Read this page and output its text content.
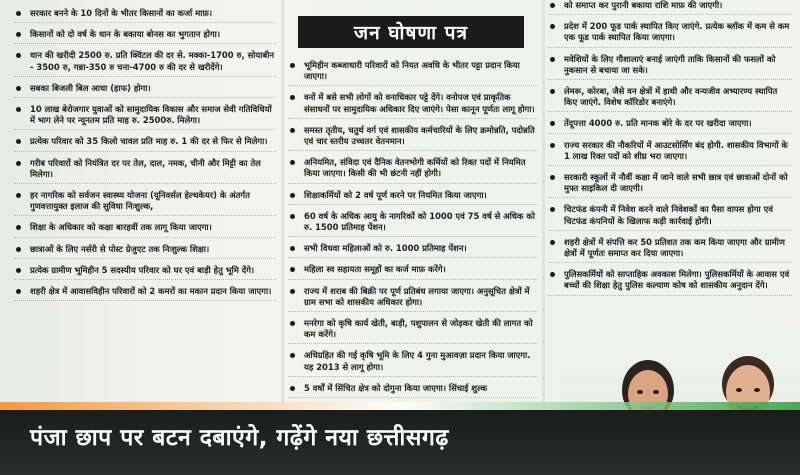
सरकार बनने के 10 दिनों के भीतर किसानों का कर्जा माफ़।
किसानों को दो वर्ष के धान के बकाया बोनस का भुगतान होगा।
धान की खरीदी 2500 रु. प्रति क्विंटल की दर से. मक्का-1700 रु, सोयाबीन - 3500 रु, गन्ना-350 रु चना-4700 रु की दर से खरीदेंगे।
सबका बिजली बिल आधा (हाफ) होगा।
10 लाख बेरोजगार युवाओं को सामुदायिक विकास और समाज सेवी गतिविधियों में भाग लेने पर न्यूनतम प्रति माह रु. 2500रु. मिलेगा।
प्रत्येक परिवार को 35 किलो चावल प्रति माह रु. 1 की दर से फिर से मिलेगा।
गरीब परिवारों को नियंत्रित दर पर तेल, दाल, नमक, चीनी और मिट्टी का तेल मिलेगा।
हर नागरिक को सर्वजन स्वास्थ्य योजना (यूनिवर्सल हेल्थकेयर) के अंतर्गत गुणवत्तायुक्त इलाज की सुविधा निःशुल्क,
शिक्षा के अधिकार को कक्षा बारहवीं तक लागू किया जाएगा।
छात्राओं के लिए नर्सरी से पोस्ट ग्रेजुएट तक निःशुल्क शिक्षा।
प्रत्येक ग्रामीण भूमिहीन 5 सदस्यीय परिवार को घर एवं बाड़ी हेतु भूमि देंगे।
शहरी क्षेत्र में आवासविहीन परिवारों को 2 कमरों का मकान प्रदान किया जाएगा।
जन घोषणा पत्र
भूमिहीन कब्जाधारी परिवारों को नियत अवधि के भीतर पट्टा प्रदान किया जाएगा।
वनों में बसे सभी लोगों को वनाधिकार पट्टे देंगे। वनोपज एवं प्राकृतिक संसाधनों पर सामुदायिक अधिकार दिए जाएंगे। पेसा कानून पूर्णतः लागू होगा।
समस्त तृतीय, चतुर्थ वर्ग एवं शासकीय कर्मचारियों के लिए क्रमोन्नति, पदोन्नति एवं चार स्तरीय उच्चतर वेतनमान।
अनियमित, संविदा एवं दैनिक वेतनभोगी कर्मियों को रिक्त पदों में नियमित किया जाएगा। किसी की भी छंटनी नहीं होगी।
शिक्षाकर्मियों को 2 वर्ष पूर्ण करने पर नियमित किया जाएगा।
60 वर्ष के अधिक आयु के नागरिकों को 1000 एवं 75 वर्ष से अधिक को रु. 1500 प्रतिमाह पेंशन।
सभी विधवा महिलाओं को रु. 1000 प्रतिमाह पेंशन।
महिला स्व सहायता समूहों का कर्ज माफ़ करेंगे।
राज्य में शराब की बिक्री पर पूर्ण प्रतिबंध लगाया जाएगा। अनुसूचित क्षेत्रों में ग्राम सभा को शासकीय अधिकार होगा।
मनरेगा को कृषि कार्य खेती, बाड़ी, पशुपालन से जोड़कर खेती की लागत को कम करेंगे।
अधिग्रहित की गई कृषि भूमि के लिए 4 गुना मुआवज़ा प्रदान किया जाएगा. यह 2013 से लागू होगा।
5 वर्षों में सिंचित क्षेत्र को दोगुना किया जाएगा। सिंचाई शुल्क
को समाप्त कर पुरानी बकाया राशि माफ़ की जाएगी।
प्रदेश में 200 फूड पार्क स्थापित किए जाएंगे. प्रत्येक ब्लॉक में कम से कम एक फूड पार्क स्थापित किया जाएगा।
मवेशियों के लिए गौशालाएं बनाई जाएंगी ताकि किसानों की फसलों को नुकसान से बचाया जा सके।
लेमरू, कोरबा, जैसे वन क्षेत्रों में हाथी और वन्यजीव अभ्यारण्य स्थापित किए जाएंगे. विशेष कॉरिडोर बनाएंगे।
तेंदूपत्ता 4000 रु. प्रति मानक बोरे के दर पर खरीदा जाएगा।
राज्य सरकार की नौकरियों में आउटसोर्सिंग बंद होगी. शासकीय विभागों के 1 लाख रिक्त पदों को शीघ्र भरा जाएगा।
सरकारी स्कूलों में नौवीं कक्षा में जाने वाले सभी छात्र एवं छात्राओं दोनों को मुफ्त साइकिल दी जाएगी।
चिटफंड कंपनी में निवेश करने वाले निवेशकों का पैसा वापस होगा एवं चिटफंड कंपनियों के खिलाफ कड़ी कार्रवाई होगी।
शहरी क्षेत्रों में संपत्ति कर 50 प्रतिशत तक कम किया जाएगा और ग्रामीण क्षेत्रों में पूर्णतः समाप्त कर दिया जाएगा।
पुलिसकर्मियों को साप्ताहिक अवकाश मिलेगा। पुलिसकर्मियों के आवास एवं बच्चों की शिक्षा हेतु पुलिस कल्याण कोष को शासकीय अनुदान देंगे।
पंजा छाप पर बटन दबाएंगे, गढ़ेंगे नया छत्तीसगढ़
